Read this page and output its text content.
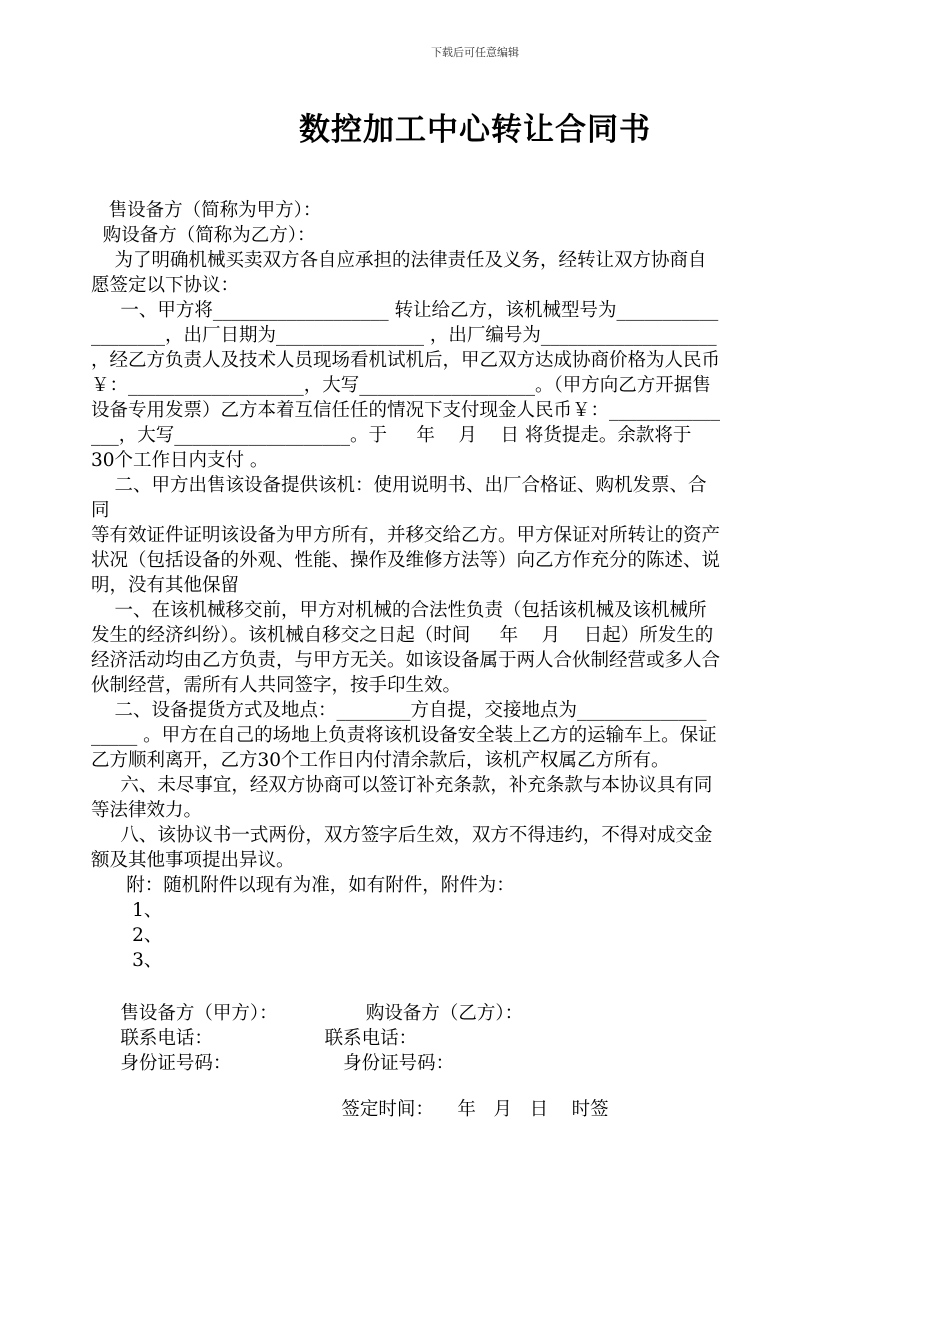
下载后可任意编辑
数控加工中心转让合同书
售设备方（简称为甲方）：
购设备方（简称为乙方）：
为了明确机械买卖双方各自应承担的法律责任及义务，经转让双方协商自
愿签定以下协议：
一、甲方将___________________ 转让给乙方，该机械型号为___________
________，出厂日期为________________ ，出厂编号为___________________
，经乙方负责人及技术人员现场看机试机后，甲乙双方达成协商价格为人民币
￥：___________________，大写___________________。（甲方向乙方开据售
设备专用发票）乙方本着互信任任的情况下支付现金人民币￥：____________
___，大写___________________。于     年    月    日 将货提走。余款将于
30个工作日内支付 。
二、甲方出售该设备提供该机：使用说明书、出厂合格证、购机发票、合
同
等有效证件证明该设备为甲方所有，并移交给乙方。甲方保证对所转让的资产
状况（包括设备的外观、性能、操作及维修方法等）向乙方作充分的陈述、说
明，没有其他保留
一、在该机械移交前，甲方对机械的合法性负责（包括该机械及该机械所
发生的经济纠纷）。该机械自移交之日起（时间     年    月    日起）所发生的
经济活动均由乙方负责，与甲方无关。如该设备属于两人合伙制经营或多人合
伙制经营，需所有人共同签字，按手印生效。
二、设备提货方式及地点：________方自提，交接地点为______________
_____ 。甲方在自己的场地上负责将该机设备安全装上乙方的运输车上。保证
乙方顺利离开，乙方30个工作日内付清余款后，该机产权属乙方所有。
六、未尽事宜，经双方协商可以签订补充条款，补充条款与本协议具有同
等法律效力。
八、该协议书一式两份，双方签字后生效，双方不得违约，不得对成交金
额及其他事项提出异议。
附：随机附件以现有为准，如有附件，附件为：
1、
2、
3、
售设备方（甲方）：               购设备方（乙方）：
联系电话：                   联系电话：
身份证号码：                   身份证号码：
签定时间：    年   月   日    时签
